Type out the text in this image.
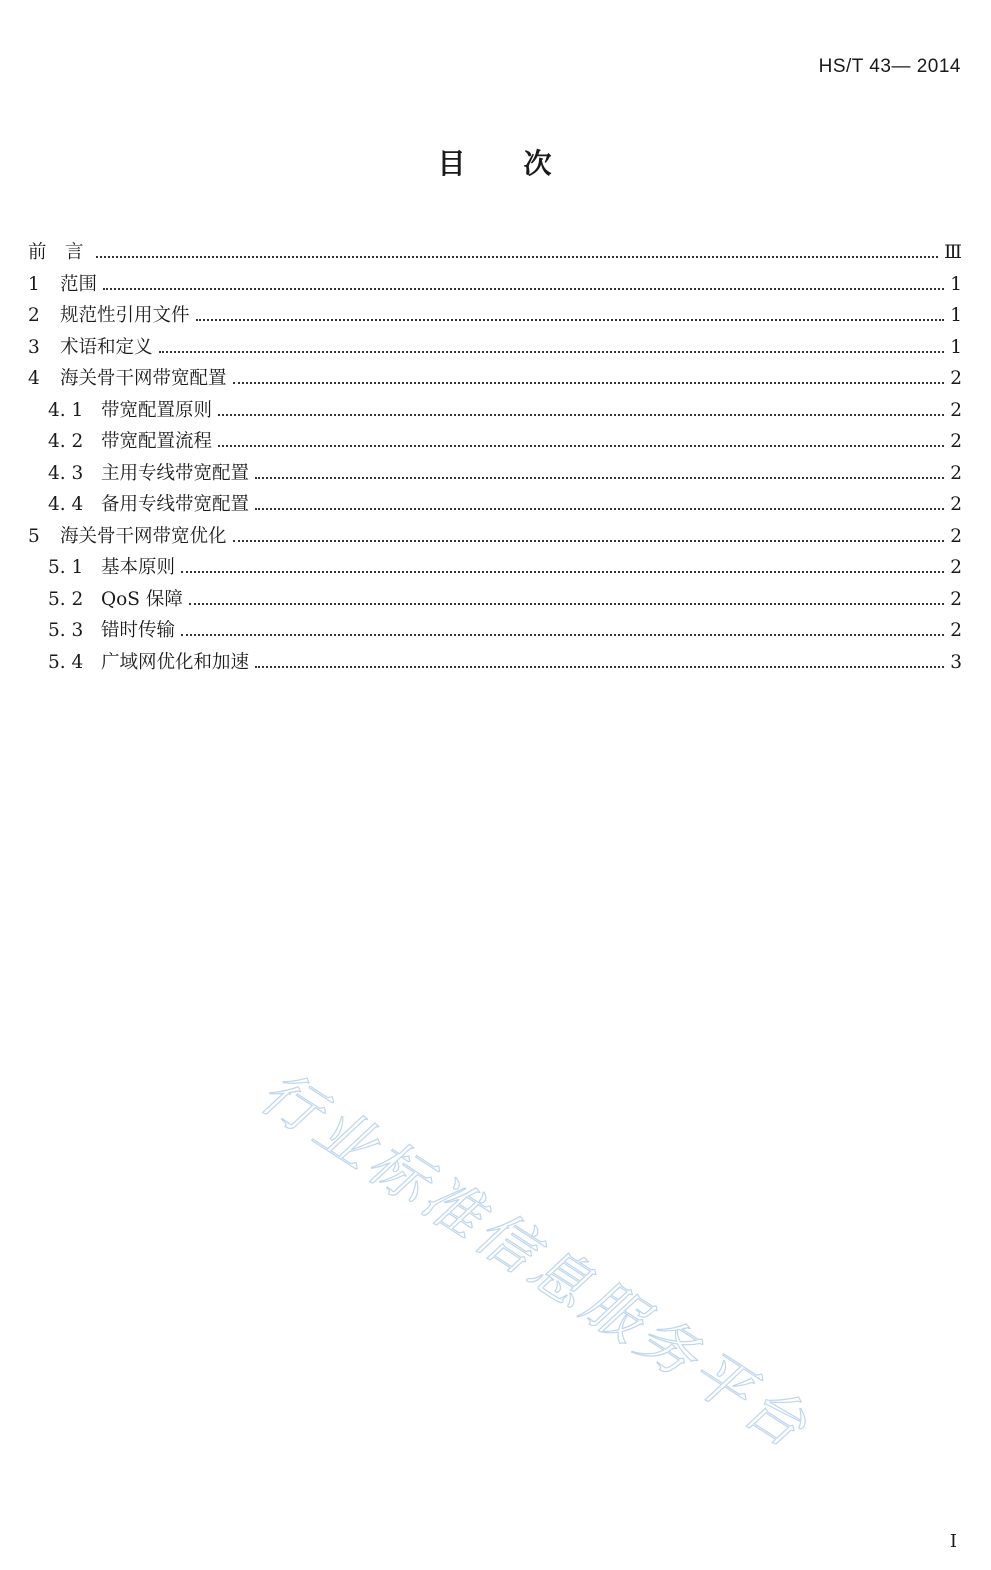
HS/T 43— 2014
目 次
前　言	Ⅲ
1	范围	1
2	规范性引用文件	1
3	术语和定义	1
4	海关骨干网带宽配置	2
4. 1 带宽配置原则	2
4. 2 带宽配置流程	2
4. 3 主用专线带宽配置	2
4. 4 备用专线带宽配置	2
5	海关骨干网带宽优化	2
5. 1 基本原则	2
5. 2 QoS 保障	2
5. 3 错时传输	2
5. 4 广域网优化和加速	3
行业标准信息服务平台
I
